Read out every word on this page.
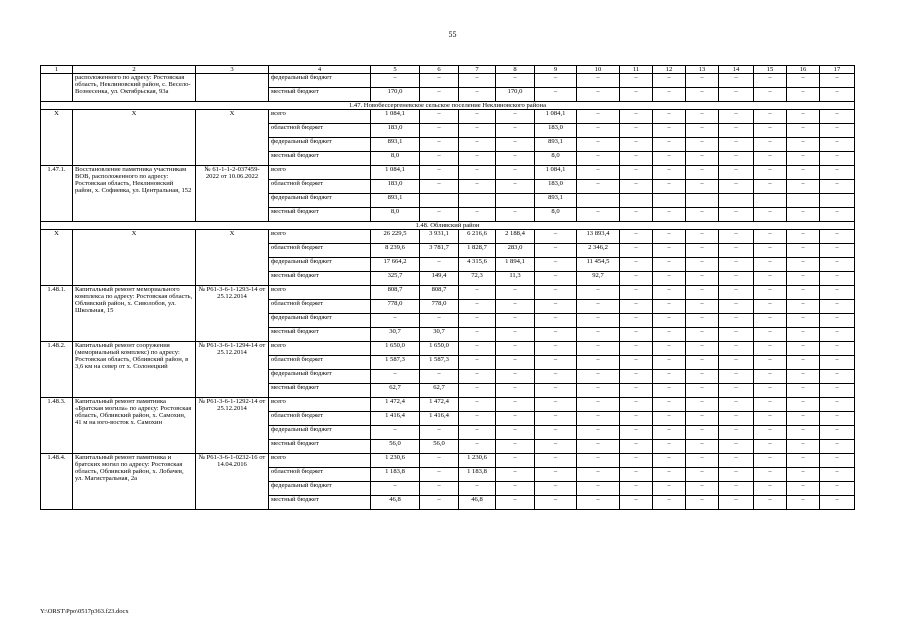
55
1	2	3	4	5	6	7	8	9	10	11	12	13	14	15	16	17
	расположенного по адресу: Ростовская область, Неклиновский район, с. Весело-Вознесенка, ул. Октябрьская, 93а		федеральный бюджет	–	–	–	–	–	–	–	–	–	–	–	–	–
			местный бюджет	170,0	–	–	170,0	–	–	–	–	–	–	–	–	–
1.47. Новобессергеневское сельское поселение Неклиновского района																
Х	Х	Х	всего	1 084,1	–	–	–	1 084,1	–	–	–	–	–	–	–	–
			областной бюджет	183,0	–	–	–	183,0	–	–	–	–	–	–	–	–
			федеральный бюджет	893,1	–	–	–	893,1	–	–	–	–	–	–	–	–
			местный бюджет	8,0	–	–	–	8,0	–	–	–	–	–	–	–	–
1.47.1.	Восстановление памятника участникам ВОВ, расположенного по адресу: Ростовская область, Неклиновский район, х. Софиевка, ул. Центральная, 152	№ 61-1-1-2-037459-2022 от 10.06.2022	всего	1 084,1	–	–	–	1 084,1	–	–	–	–	–	–	–	–
			областной бюджет	183,0	–	–	–	183,0	–	–	–	–	–	–	–	–
			федеральный бюджет	893,1				893,1								
			местный бюджет	8,0	–	–	–	8,0	–	–	–	–	–	–	–	–
1.48. Обливский район																
Х	Х	Х	всего	26 229,5	3 931,1	6 216,6	2 188,4	–	13 893,4	–	–	–	–	–	–	–
			областной бюджет	8 239,6	3 781,7	1 828,7	283,0	–	2 346,2	–	–	–	–	–	–	–
			федеральный бюджет	17 664,2	–	4 315,6	1 894,1	–	11 454,5	–	–	–	–	–	–	–
			местный бюджет	325,7	149,4	72,3	11,3	–	92,7	–	–	–	–	–	–	–
1.48.1.	Капитальный ремонт мемориального комплекса по адресу: Ростовская область, Обливский район, х. Сиволобов, ул. Школьная, 15	№ Р61-3-6-1-1293-14 от 25.12.2014	всего	808,7	808,7	–	–	–	–	–	–	–	–	–	–	–
			областной бюджет	778,0	778,0	–	–	–	–	–	–	–	–	–	–	–
			федеральный бюджет	–	–	–	–	–	–	–	–	–	–	–	–	–
			местный бюджет	30,7	30,7	–	–	–	–	–	–	–	–	–	–	–
1.48.2.	Капитальный ремонт сооружения (мемориальный комплекс) по адресу: Ростовская область, Обливский район, в 3,6 км на север от х. Солонецкий	№ Р61-3-6-1-1294-14 от 25.12.2014	всего	1 650,0	1 650,0	–	–	–	–	–	–	–	–	–	–	–
			областной бюджет	1 587,3	1 587,3	–	–	–	–	–	–	–	–	–	–	–
			федеральный бюджет	–	–	–	–	–	–	–	–	–	–	–	–	–
			местный бюджет	62,7	62,7	–	–	–	–	–	–	–	–	–	–	–
1.48.3.	Капитальный ремонт памятника «Братская могила» по адресу: Ростовская область, Обливский район, х. Самохин, 41 м на юго-восток х. Самохин	№ Р61-3-6-1-1292-14 от 25.12.2014	всего	1 472,4	1 472,4	–	–	–	–	–	–	–	–	–	–	–
			областной бюджет	1 416,4	1 416,4	–	–	–	–	–	–	–	–	–	–	–
			федеральный бюджет	–	–	–	–	–	–	–	–	–	–	–	–	–
			местный бюджет	56,0	56,0	–	–	–	–	–	–	–	–	–	–	–
1.48.4.	Капитальный ремонт памятника и братских могил по адресу: Ростовская область, Обливский район, х. Лобачев, ул. Магистральная, 2а	№ Р61-3-6-1-0232-16 от 14.04.2016	всего	1 230,6	–	1 230,6	–	–	–	–	–	–	–	–	–	–
			областной бюджет	1 183,8	–	1 183,8	–	–	–	–	–	–	–	–	–	–
			федеральный бюджет	–	–	–	–	–	–	–	–	–	–	–	–	–
			местный бюджет	46,8	–	46,8	–	–	–	–	–	–	–	–	–	–
Y:\ORST\Ppo\0517p363.f23.docx
